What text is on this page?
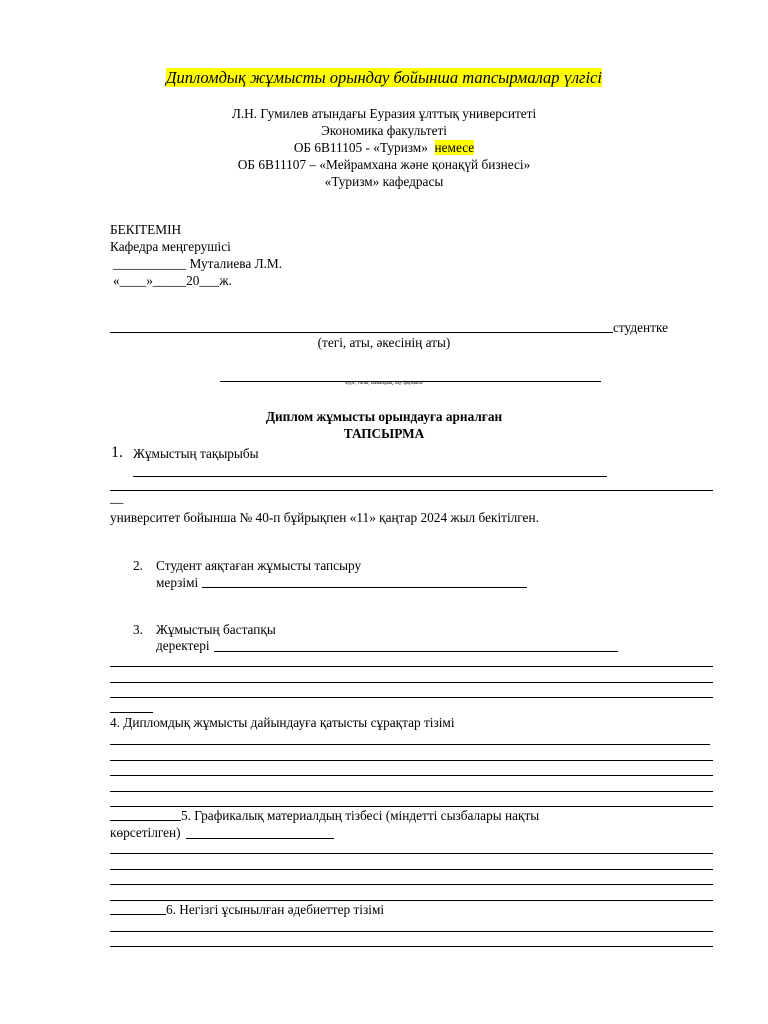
Дипломдық жұмысты орындау бойынша тапсырмалар үлгісі
Л.Н. Гумилев атындағы Еуразия ұлттық университеті
Экономика факультеті
ОБ 6В11105 - «Туризм» немесе
ОБ 6В11107 – «Мейрамхана және қонақүй бизнесі»
«Туризм» кафедрасы
БЕКІТЕМІН
Кафедра меңгерушісі
___________ Муталиева Л.М.
«____»_____20___ж.
студентке
(тегі, аты, әкесінің аты)
курс, топы, мамандық, оқу формасы
Диплом жұмысты орындауға арналған
ТАПСЫРМА
1. Жұмыстың тақырыбы
__
университет бойынша № 40-п бұйрықпен «11» қаңтар 2024 жыл бекітілген.
2. Студент аяқтаған жұмысты тапсыру
мерзімі
3. Жұмыстың бастапқы
деректері
4. Дипломдық жұмысты дайындауға қатысты сұрақтар тізімі
5. Графикалық материалдың тізбесі (міндетті сызбалары нақты
көрсетілген)
6. Негізгі ұсынылған әдебиеттер тізімі
